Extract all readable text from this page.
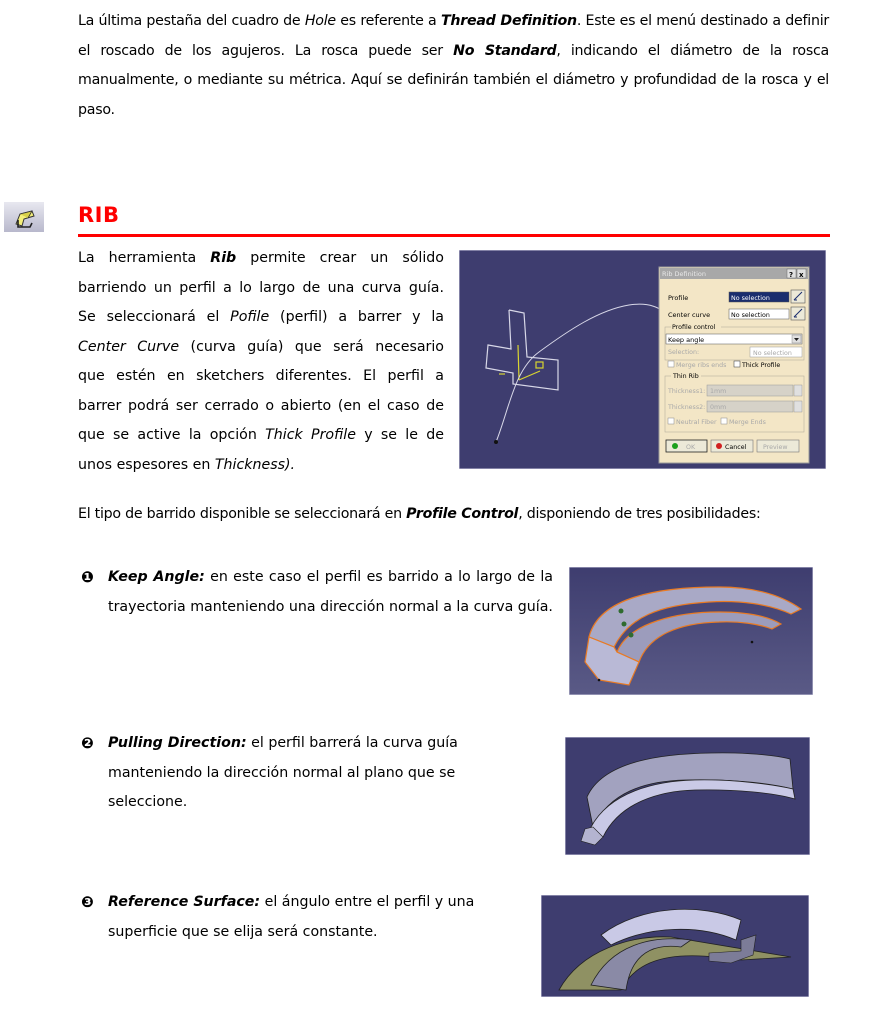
La última pestaña del cuadro de Hole es referente a Thread Definition. Este es el menú destinado a definir el roscado de los agujeros. La rosca puede ser No Standard, indicando el diámetro de la rosca manualmente, o mediante su métrica. Aquí se definirán también el diámetro y profundidad de la rosca y el paso.

RIB
La herramienta Rib permite crear un sólido
barriendo un perfil a lo largo de una curva guía.
Se seleccionará el Pofile (perfil) a barrer y la
Center Curve (curva guía) que será necesario
que estén en sketchers diferentes. El perfil a
barrer podrá ser cerrado o abierto (en el caso de
que se active la opción Thick Profile y se le de
unos espesores en Thickness).
Rib Definition	? x
Profile	No selection
Center curve	No selection
Profile control
Keep angle
Selection:	No selection
Merge ribs ends Thick Profile
Thin Rib
Thickness1: 1mm
Thickness2: 0mm
Neutral Fiber Merge Ends
OK	Cancel	Preview

El tipo de barrido disponible se seleccionará en Profile Control, disponiendo de tres posibilidades:

❶ Keep Angle: en este caso el perfil es barrido a lo largo de la trayectoria manteniendo una dirección normal a la curva guía.

❷ Pulling Direction: el perfil barrerá la curva guía manteniendo la dirección normal al plano que se seleccione.

❸ Reference Surface: el ángulo entre el perfil y una superficie que se elija será constante.
